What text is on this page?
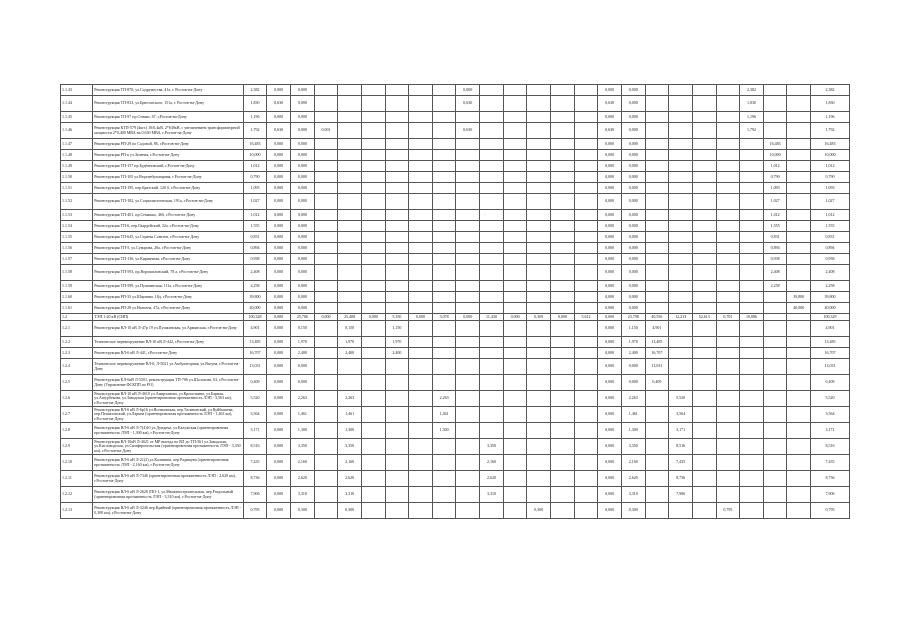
1.1.43	Реконструкция ТП-870, ул.Содружества, 41а, г. Ростов-на-Дону	2,382	0,000	0,000							0,000						0,000	0,000					2,382			2,382
1.1.44	Реконструкция ТП-833, ул.Брюсовского, 151а, г. Ростов-на-Дону	1,830	0,630	0,000							0,630						0,630	0,000					1,830			1,830
1.1.45	Реконструкция ТП-97 пр.Стачки, 67, г.Ростов-на-Дону	1,196	0,000	0,000													0,000	0,000					1,196			1,196
1.1.46	Реконструкция КТП-579 (4шт.) 10/0,4кВ, 2*630кВ, с увеличением трансформаторной мощности 2*0,400 МВА на 0,630 МВА, г.Ростов-на-Дону	1,792	0,630	0,000	0,001						0,630						0,630	0,000					1,792			1,792
1.1.47	Реконструкция РП-29 по Садовой, 86, г.Ростов-на-Дону	16,483	0,000	0,000													0,000	0,000						16,483		16,483
1.1.48	Реконструкция РП-к ул.Зеленая, г.Ростов-на-Дону	10,000	0,000	0,000													0,000	0,000						10,000		10,000
1.1.49	Реконструкция ТП-157 пр.Будённовский, г.Ростов-на-Дону	1,012	0,000	0,000													0,000	0,000						1,012		1,012
1.1.50	Реконструкция ТП-105 ул.Верхнебульварная, г.Ростов-на-Дону	0,790	0,000	0,000													0,000	0,000						0,790		0,790
1.1.51	Реконструкция ТП-195, пер.Братский, 120 б, г.Ростов-на-Дону	1,093	0,000	0,000													0,000	0,000						1,093		1,093
1.1.52	Реконструкция ТП-182, ул.Социалистическая, 191а, г.Ростов-на-Дону	1,027	0,000	0,000													0,000	0,000						1,027		1,027
1.1.53	Реконструкция ТП-401, пр.Семашко, 46б, г.Ростов-на-Дону	1,012	0,000	0,000													0,000	0,000						1,012		1,012
1.1.54	Реконструкция ТП-6, пер.Гвардейский, 32а, г.Ростов-на-Дону	1,555	0,000	0,000													0,000	0,000						1,555		1,555
1.1.55	Реконструкция ТП-645, ул.Страны Советов, г.Ростов-на-Дону	0,831	0,000	0,000													0,000	0,000						0,831		0,831
1.1.56	Реконструкция ТП-5, ул.Суворова, 20а, г.Ростов-на-Дону	0,894	0,000	0,000													0,000	0,000						0,894		0,894
1.1.57	Реконструкция ТП-136, ул.Кирпичная, г.Ростов-на-Дону	0,938	0,000	0,000													0,000	0,000						0,938		0,938
1.1.58	Реконструкция ТП-593, пр.Ворошиловский, 78 а, г.Ростов-на-Дону	2,408	0,000	0,000													0,000	0,000						2,408		2,408
1.1.59	Реконструкция ТП-599, ул.Пушкинская, 111а, г.Ростов-на-Дону	2,258	0,000	0,000													0,000	0,000						2,258		2,258
1.1.60	Реконструкция РП-33 ул.Шаумяна, 18д, г.Ростов-на-Дону	39,800	0,000	0,000													0,000	0,000							39,800	39,800
1.1.61	Реконструкция РП-28 ул.Нансена, 47а, г.Ростов-на-Дону	40,000	0,000	0,000													0,000	0,000							40,000	40,000
1.2	ТЭП 1-20 кВ (СИП)	100,328	0,000	25,706	0,000	25,408	0,000	5,350	0,000	3,078	0,000	11,430	0,000	0,309	0,000	5,612	0,000	23,798	40,556	12,213	52,613	0,701	10,086			100,329
1.2.1	Реконструкция ВЛ-10 кВ Л-47р 19 ул.Пушкинская, ул.Армянская, г.Ростов-на-Дону	4,901	0,000	0,150		0,150		1,150									0,000	1,150	4,901							4,901
1.2.2	Техническое перевооружение ВЛ-10 кВ Л-442, г.Ростов-на-Дону	13,485	0,000	1,970		1,970		1,970									0,000	1,970	13,485							13,485
1.2.3	Реконструкция ВЛ-6 кВ Л-441, г.Ростов-на-Дону	16,707	0,000	2,400		2,400		2,400									0,000	2,400	16,707							16,707
1.2.4	Техническое перевооружение ВЛ-6, Л-5021 ул.Амбулаторная, ул.Вагуна, г.Ростов-на-Дону	13,031	0,000	0,000													0,000	0,000	13,031							13,031
1.2.5	Реконструкция КЛ-6кВ Л-5501, реконструкция ТП-706 ул.Шолохова, 63, г.Ростов-на-Дону (Управление ФСКПП по РО)	0,409	0,000	0,000													0,000	0,000	0,409							0,409
1.2.6	Реконструкция ВЛ-10 кВ Л-4б10 ул.Амирханова, ул.Кропоткина, ул.Барная, ул.Ашурбекова, ул.Заводская (ориентировочная протяженность ЛЭП - 3,563 км), г.Ростов-на-Дону	5,520	0,000	2,263		2,263				2,263							0,000	2,263		5,520						5,520
1.2.7	Реконструкция ВЛ-6 кВ Л-6р16 ул.Ясенковская, пер.Тасиновский, ул.Куйбышева, пер.Пешиловский, ул.Ларина (ориентировочная протяженность ЛЭП - 1,461 км), г.Ростов-на-Дону	3,564	0,000	1,461		1,461				1,461							0,000	1,461		3,564						3,564
1.2.8	Реконструкция ВЛ-6 кВ Л-7(4)10 ул.Дундича, ул.Калужская (ориентировочная протяженность ЛЭП - 1,300 км), г.Ростов-на-Дону	3,171	0,000	1,300		1,300				1,300							0,000	1,300		3,171						3,171
1.2.9	Реконструкция ВЛ-10кВ Л-4б21 от МР выезда по ВЛ до ТП-361 ул.Заводская, ул.Кисловодская, ул.Симферопольская (ориентировочная протяженность ЛЭП - 3,350 км), г.Ростов-на-Дону	8,516	0,000	3,350		3,350						3,350					0,000	3,350		8,516						8,516
1.2.10	Реконструкция ВЛ-6 кВ Л-21(2) ул.Калинина, пер.Радищева (ориентировочная протяженность ЛЭП - 2,160 км), г.Ростов-на-Дону	7,435	0,000	2,160		2,160						2,160					0,000	2,160		7,435						7,435
1.2.11	Реконструкция ВЛ-6 кВ Л-7346 (ориентировочная протяженность ЛЭП - 2,620 км), г.Ростов-на-Дону	8,736	0,000	2,620		2,620						2,620					0,000	2,620		8,736						8,736
1.2.12	Реконструкция ВЛ-6 кВ Л-2628 (ПО-1, ул.Машиностроительная, пер.Раздольный (ориентировочная протяженность ЛЭП - 3,310 км), г.Ростов-на-Дону	7,906	0,000	3,310		3,310						3,310					0,000	3,310		7,906						7,906
1.2.13	Реконструкция ВЛ-6 кВ Л-3246 пер.Крайний (ориентировочная протяженность ЛЭП - 0,300 км), г.Ростов-на-Дону	0,795	0,000	0,300		0,300								0,300			0,000	0,300				0,795				0,795
-
